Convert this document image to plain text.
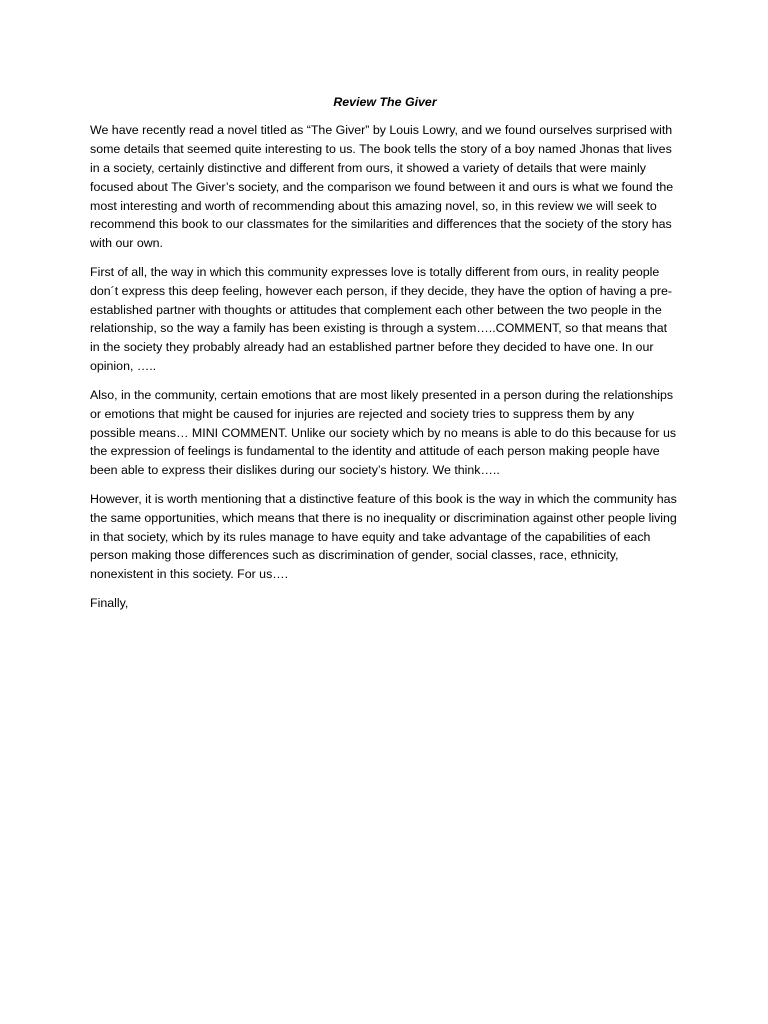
Review The Giver

We have recently read a novel titled as “The Giver” by Louis Lowry, and we found ourselves surprised with some details that seemed quite interesting to us. The book tells the story of a boy named Jhonas that lives in a society, certainly distinctive and different from ours, it showed a variety of details that were mainly focused about The Giver’s society, and the comparison we found between it and ours is what we found the most interesting and worth of recommending about this amazing novel, so, in this review we will seek to recommend this book to our classmates for the similarities and differences that the society of the story has with our own.

First of all, the way in which this community expresses love is totally different from ours, in reality people don´t express this deep feeling, however each person, if they decide, they have the option of having a pre-established partner with thoughts or attitudes that complement each other between the two people in the relationship, so the way a family has been existing is through a system…..COMMENT, so that means that in the society they probably already had an established partner before they decided to have one. In our opinion, …..

Also, in the community, certain emotions that are most likely presented in a person during the relationships or emotions that might be caused for injuries are rejected and society tries to suppress them by any possible means… MINI COMMENT. Unlike our society which by no means is able to do this because for us the expression of feelings is fundamental to the identity and attitude of each person making people have been able to express their dislikes during our society’s history. We think…..

However, it is worth mentioning that a distinctive feature of this book is the way in which the community has the same opportunities, which means that there is no inequality or discrimination against other people living in that society, which by its rules manage to have equity and take advantage of the capabilities of each person making those differences such as discrimination of gender, social classes, race, ethnicity, nonexistent in this society. For us….

Finally,
